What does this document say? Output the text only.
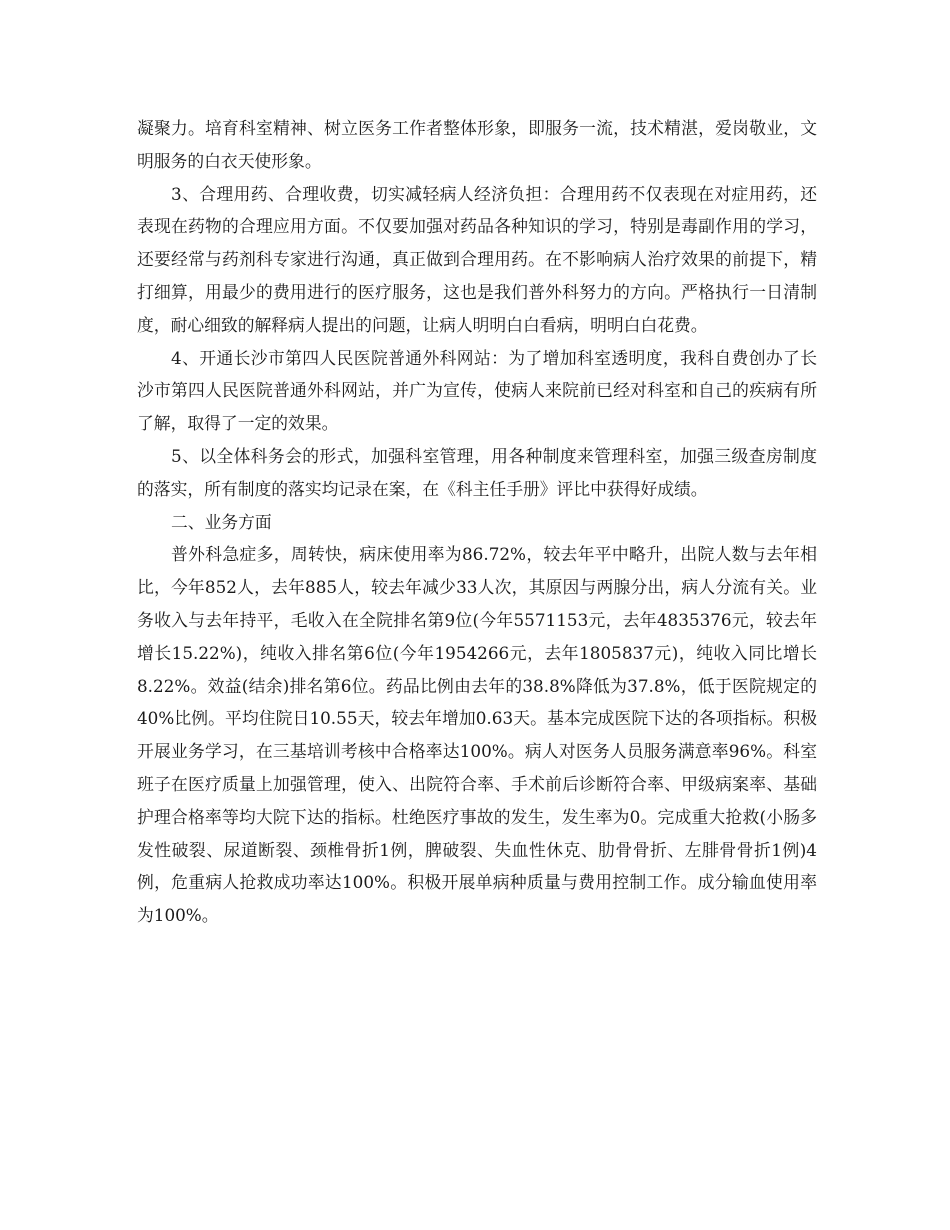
凝聚力。培育科室精神、树立医务工作者整体形象，即服务一流，技术精湛，爱岗敬业，文明服务的白衣天使形象。

3、合理用药、合理收费，切实减轻病人经济负担：合理用药不仅表现在对症用药，还表现在药物的合理应用方面。不仅要加强对药品各种知识的学习，特别是毒副作用的学习，还要经常与药剂科专家进行沟通，真正做到合理用药。在不影响病人治疗效果的前提下，精打细算，用最少的费用进行的医疗服务，这也是我们普外科努力的方向。严格执行一日清制度，耐心细致的解释病人提出的问题，让病人明明白白看病，明明白白花费。

4、开通长沙市第四人民医院普通外科网站：为了增加科室透明度，我科自费创办了长沙市第四人民医院普通外科网站，并广为宣传，使病人来院前已经对科室和自己的疾病有所了解，取得了一定的效果。

5、以全体科务会的形式，加强科室管理，用各种制度来管理科室，加强三级查房制度的落实，所有制度的落实均记录在案，在《科主任手册》评比中获得好成绩。

二、业务方面

普外科急症多，周转快，病床使用率为86.72%，较去年平中略升，出院人数与去年相比，今年852人，去年885人，较去年减少33人次，其原因与两腺分出，病人分流有关。业务收入与去年持平，毛收入在全院排名第9位(今年5571153元，去年4835376元，较去年增长15.22%)，纯收入排名第6位(今年1954266元，去年1805837元)，纯收入同比增长8.22%。效益(结余)排名第6位。药品比例由去年的38.8%降低为37.8%，低于医院规定的40%比例。平均住院日10.55天，较去年增加0.63天。基本完成医院下达的各项指标。积极开展业务学习，在三基培训考核中合格率达100%。病人对医务人员服务满意率96%。科室班子在医疗质量上加强管理，使入、出院符合率、手术前后诊断符合率、甲级病案率、基础护理合格率等均大院下达的指标。杜绝医疗事故的发生，发生率为0。完成重大抢救(小肠多发性破裂、尿道断裂、颈椎骨折1例，脾破裂、失血性休克、肋骨骨折、左腓骨骨折1例)4例，危重病人抢救成功率达100%。积极开展单病种质量与费用控制工作。成分输血使用率为100%。
